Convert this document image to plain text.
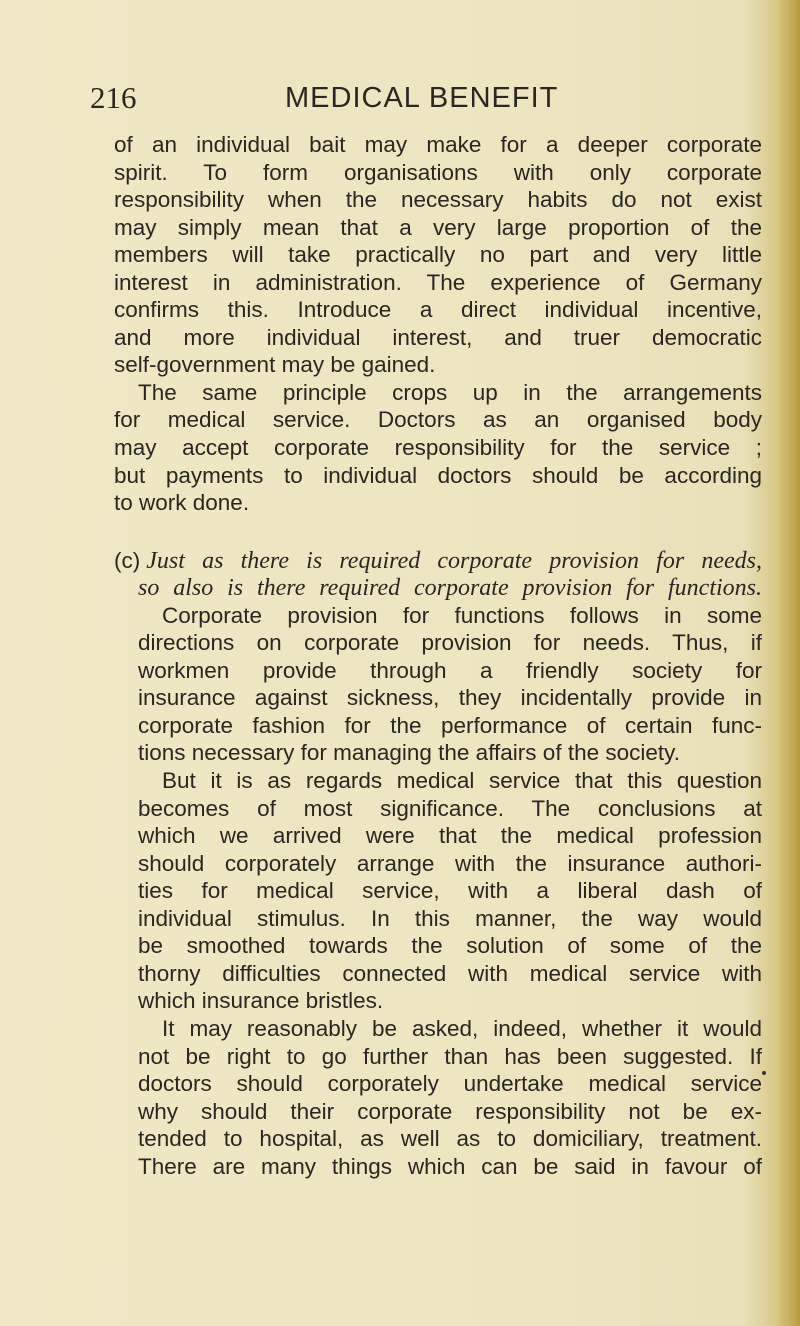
216	MEDICAL BENEFIT
of an individual bait may make for a deeper corporate
spirit. To form organisations with only corporate
responsibility when the necessary habits do not exist
may simply mean that a very large proportion of the
members will take practically no part and very little
interest in administration. The experience of Germany
confirms this. Introduce a direct individual incentive,
and more individual interest, and truer democratic
self-government may be gained.
The same principle crops up in the arrangements
for medical service. Doctors as an organised body
may accept corporate responsibility for the service ;
but payments to individual doctors should be according
to work done.
(c) Just as there is required corporate provision for needs,
so also is there required corporate provision for functions.
Corporate provision for functions follows in some
directions on corporate provision for needs. Thus, if
workmen provide through a friendly society for
insurance against sickness, they incidentally provide in
corporate fashion for the performance of certain func-
tions necessary for managing the affairs of the society.
But it is as regards medical service that this question
becomes of most significance. The conclusions at
which we arrived were that the medical profession
should corporately arrange with the insurance authori-
ties for medical service, with a liberal dash of
individual stimulus. In this manner, the way would
be smoothed towards the solution of some of the
thorny difficulties connected with medical service with
which insurance bristles.
It may reasonably be asked, indeed, whether it would
not be right to go further than has been suggested. If
doctors should corporately undertake medical service
why should their corporate responsibility not be ex-
tended to hospital, as well as to domiciliary, treatment.
There are many things which can be said in favour of
